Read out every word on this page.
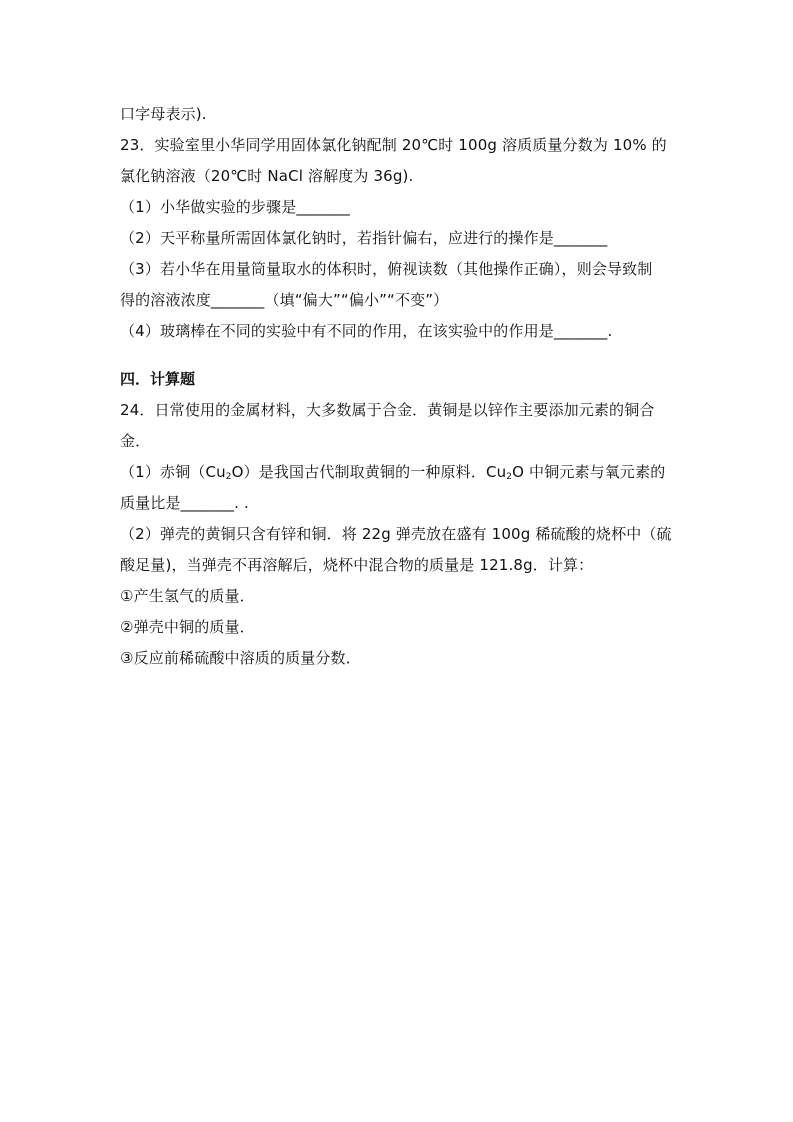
口字母表示).
23．实验室里小华同学用固体氯化钠配制 20℃时 100g 溶质质量分数为 10% 的
氯化钠溶液（20℃时 NaCl 溶解度为 36g).
（1）小华做实验的步骤是_______
（2）天平称量所需固体氯化钠时，若指针偏右，应进行的操作是_______
（3）若小华在用量筒量取水的体积时，俯视读数（其他操作正确），则会导致制
得的溶液浓度_______（填“偏大”“偏小”“不变”）
（4）玻璃棒在不同的实验中有不同的作用，在该实验中的作用是_______.
四．计算题
24．日常使用的金属材料，大多数属于合金．黄铜是以锌作主要添加元素的铜合
金．
（1）赤铜$(Cu_2O)$是我国古代制取黄铜的一种原料．$Cu_2O$ 中铜元素与氧元素的
质量比是_______. .
（2）弹壳的黄铜只含有锌和铜．将 22g 弹壳放在盛有 100g 稀硫酸的烧杯中（硫
酸足量)，当弹壳不再溶解后，烧杯中混合物的质量是 121.8g．计算：
①产生氢气的质量．
②弹壳中铜的质量．
③反应前稀硫酸中溶质的质量分数．
